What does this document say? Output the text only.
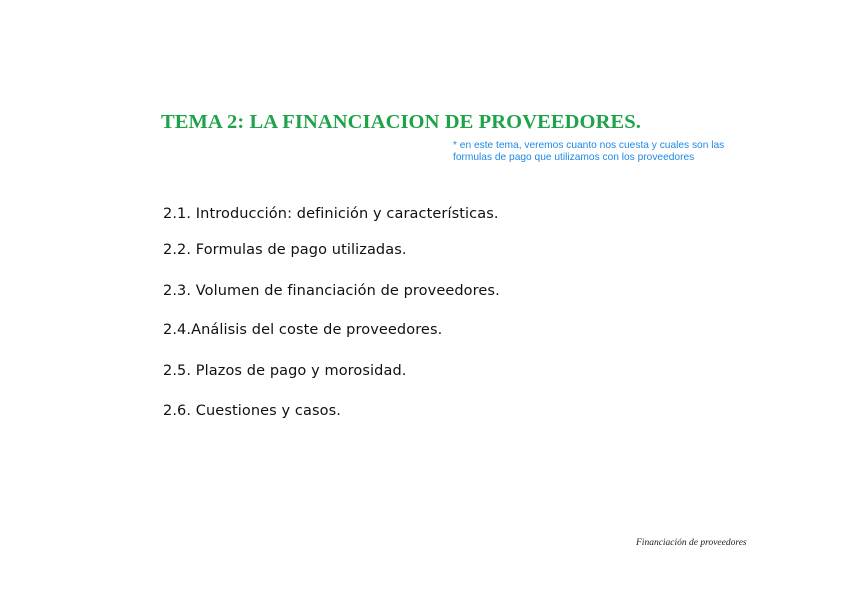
TEMA 2: LA FINANCIACION DE PROVEEDORES.

* en este tema, veremos cuanto nos cuesta y cuales son las
formulas de pago que utilizamos con los proveedores

2.1. Introducción: definición y características.
2.2. Formulas de pago utilizadas.
2.3. Volumen de financiación de proveedores.
2.4.Análisis del coste de proveedores.
2.5. Plazos de pago y morosidad.
2.6. Cuestiones y casos.

Financiación de proveedores
